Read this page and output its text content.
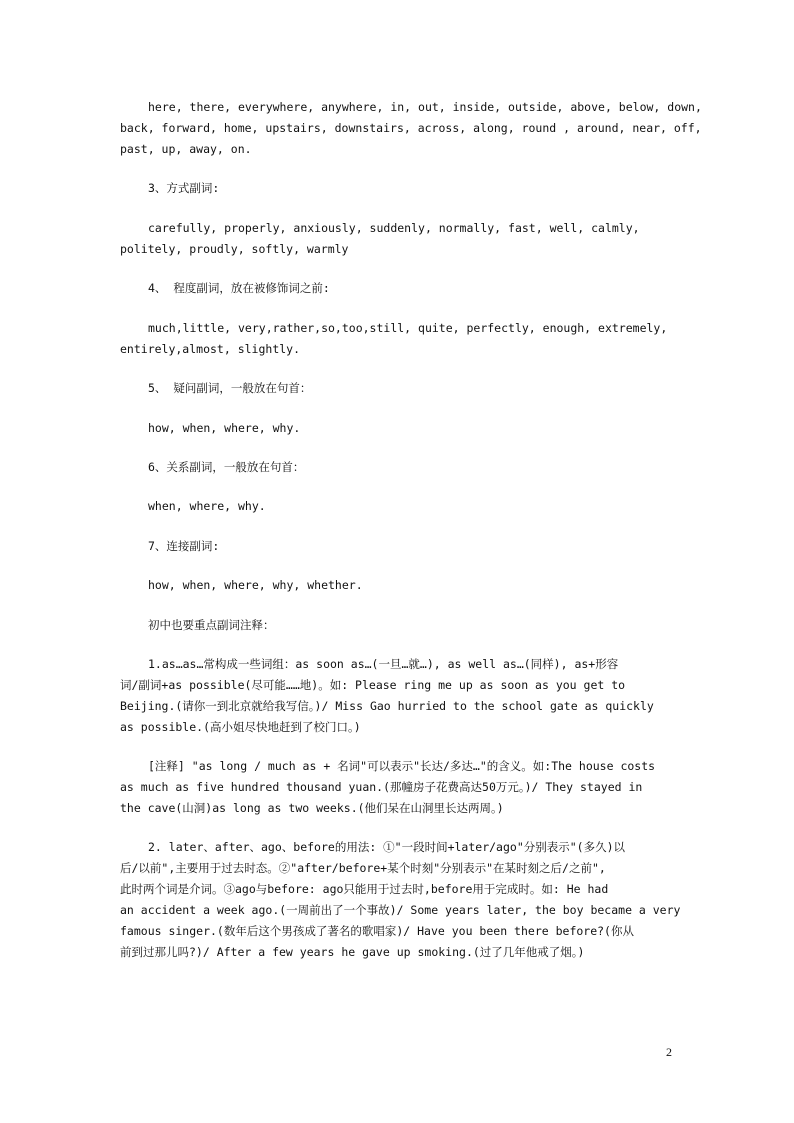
here, there, everywhere, anywhere, in, out, inside, outside, above, below, down,
back, forward, home, upstairs, downstairs, across, along, round , around, near, off,
past, up, away, on.
3、方式副词:
carefully, properly, anxiously, suddenly, normally, fast, well, calmly,
politely, proudly, softly, warmly
4、 程度副词，放在被修饰词之前:
much,little, very,rather,so,too,still, quite, perfectly, enough, extremely,
entirely,almost, slightly.
5、 疑问副词，一般放在句首：
how, when, where, why.
6、关系副词，一般放在句首：
when, where, why.
7、连接副词:
how, when, where, why, whether.
初中也要重点副词注释：
1.as…as…常构成一些词组：as soon as…(一旦…就…), as well as…(同样), as+形容
词/副词+as possible(尽可能……地)。如: Please ring me up as soon as you get to
Beijing.(请你一到北京就给我写信。)/ Miss Gao hurried to the school gate as quickly
as possible.(高小姐尽快地赶到了校门口。)
[注释] "as long / much as + 名词"可以表示"长达/多达…"的含义。如:The house costs
as much as five hundred thousand yuan.(那幢房子花费高达50万元。)/ They stayed in
the cave(山洞)as long as two weeks.(他们呆在山洞里长达两周。)
2. later、after、ago、before的用法: ①"一段时间+later/ago"分别表示"(多久)以
后/以前",主要用于过去时态。②"after/before+某个时刻"分别表示"在某时刻之后/之前",
此时两个词是介词。③ago与before: ago只能用于过去时,before用于完成时。如: He had
an accident a week ago.(一周前出了一个事故)/ Some years later, the boy became a very
famous singer.(数年后这个男孩成了著名的歌唱家)/ Have you been there before?(你从
前到过那儿吗?)/ After a few years he gave up smoking.(过了几年他戒了烟。)
2
